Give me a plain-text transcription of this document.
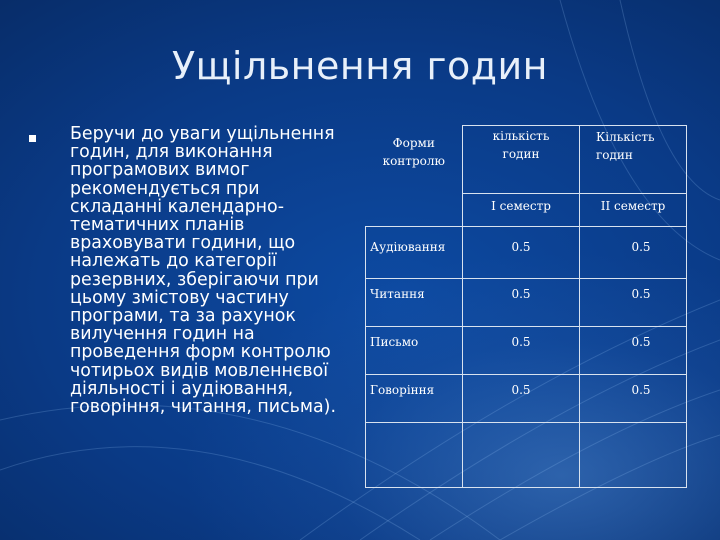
Ущільнення годин

Беручи до уваги ущільнення годин, для виконання програмових вимог рекомендується при складанні календарно-тематичних планів враховувати години, що належать до категорії резервних, зберігаючи при цьому змістову частину програми, та за рахунок вилучення годин на проведення форм контролю чотирьох видів мовленнєвої діяльності і аудіювання, говоріння, читання, письма).

Форми контролю	кількість годин	Кількість годин
	І семестр	ІІ семестр
Аудіювання	0.5	0.5
Читання	0.5	0.5
Письмо	0.5	0.5
Говоріння	0.5	0.5
